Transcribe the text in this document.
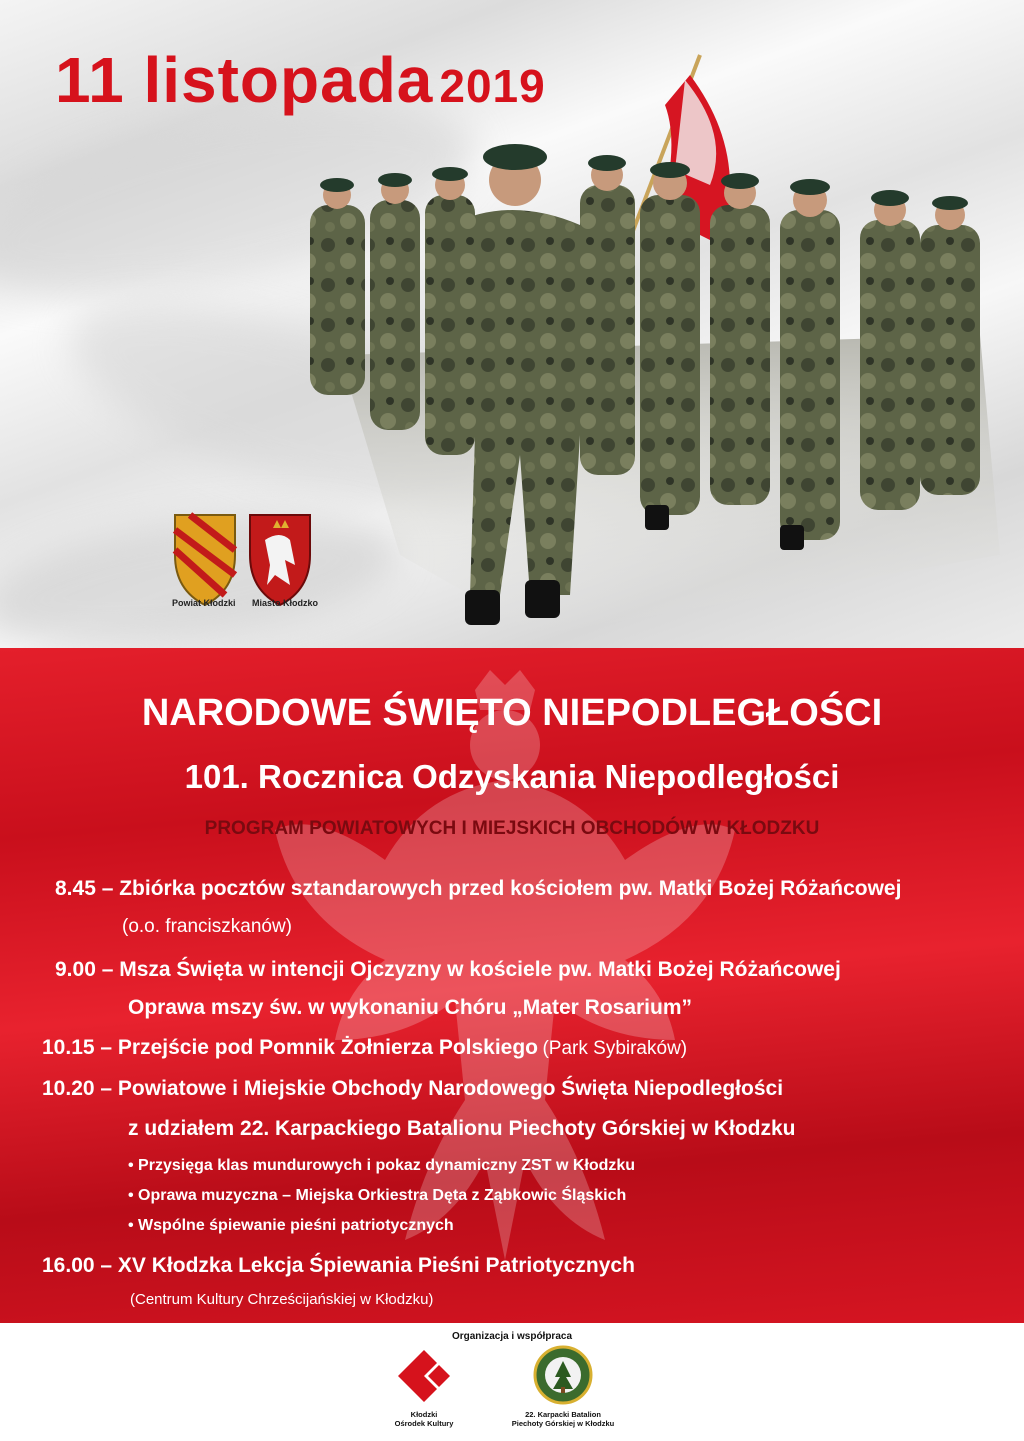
11 listopada 2019
Powiat Kłodzki Miasto Kłodzko
NARODOWE ŚWIĘTO NIEPODLEGŁOŚCI
101. Rocznica Odzyskania Niepodległości
PROGRAM POWIATOWYCH I MIEJSKICH OBCHODÓW W KŁODZKU
8.45 – Zbiórka pocztów sztandarowych przed kościołem pw. Matki Bożej Różańcowej
(o.o. franciszkanów)
9.00 – Msza Święta w intencji Ojczyzny w kościele pw. Matki Bożej Różańcowej
Oprawa mszy św. w wykonaniu Chóru „Mater Rosarium”
10.15 – Przejście pod Pomnik Żołnierza Polskiego (Park Sybiraków)
10.20 – Powiatowe i Miejskie Obchody Narodowego Święta Niepodległości
z udziałem 22. Karpackiego Batalionu Piechoty Górskiej w Kłodzku
• Przysięga klas mundurowych i pokaz dynamiczny ZST w Kłodzku
• Oprawa muzyczna – Miejska Orkiestra Dęta z Ząbkowic Śląskich
• Wspólne śpiewanie pieśni patriotycznych
16.00 – XV Kłodzka Lekcja Śpiewania Pieśni Patriotycznych
(Centrum Kultury Chrześcijańskiej w Kłodzku)
Organizacja i współpraca
Kłodzki
Ośrodek Kultury
22. Karpacki Batalion
Piechoty Górskiej w Kłodzku
